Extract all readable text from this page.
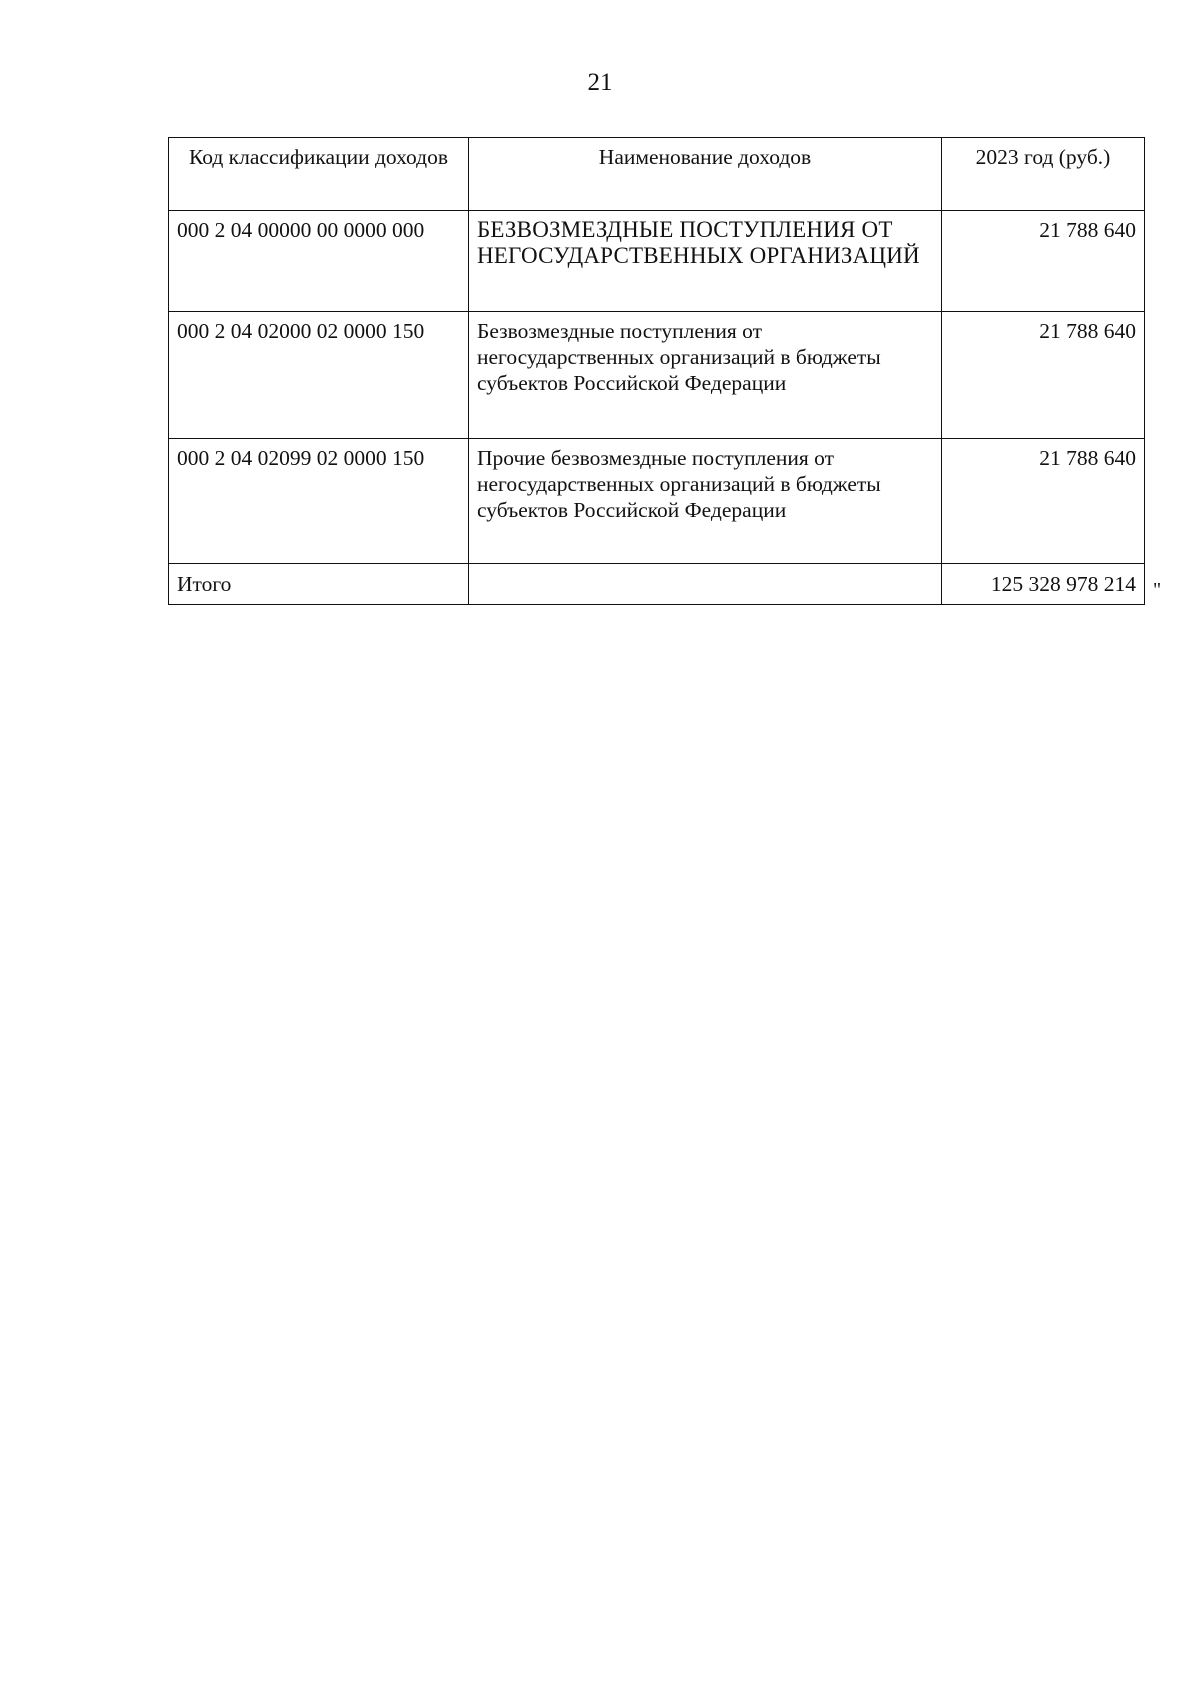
21
Код классификации доходов	Наименование доходов	2023 год (руб.)
000 2 04 00000 00 0000 000	БЕЗВОЗМЕЗДНЫЕ ПОСТУПЛЕНИЯ ОТ НЕГОСУДАРСТВЕННЫХ ОРГАНИЗАЦИЙ	21 788 640
000 2 04 02000 02 0000 150	Безвозмездные поступления от негосударственных организаций в бюджеты субъектов Российской Федерации	21 788 640
000 2 04 02099 02 0000 150	Прочие безвозмездные поступления от негосударственных организаций в бюджеты субъектов Российской Федерации	21 788 640
Итого		125 328 978 214 "
